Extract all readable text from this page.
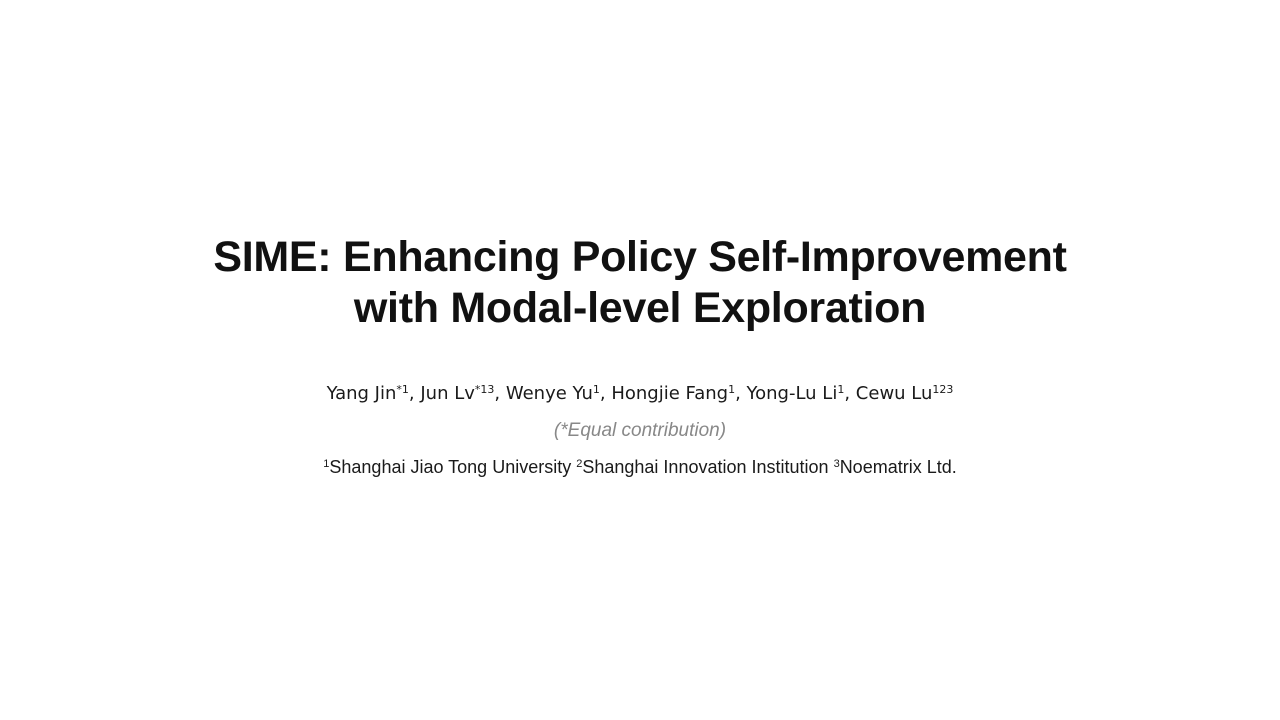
SIME: Enhancing Policy Self-Improvement
with Modal-level Exploration
Yang Jin$^{*1}$, Jun Lv$^{*13}$, Wenye Yu$^1$, Hongjie Fang$^1$, Yong-Lu Li$^1$, Cewu Lu$^{123}$
(*Equal contribution)
$^1$Shanghai Jiao Tong University $^2$Shanghai Innovation Institution $^3$Noematrix Ltd.
